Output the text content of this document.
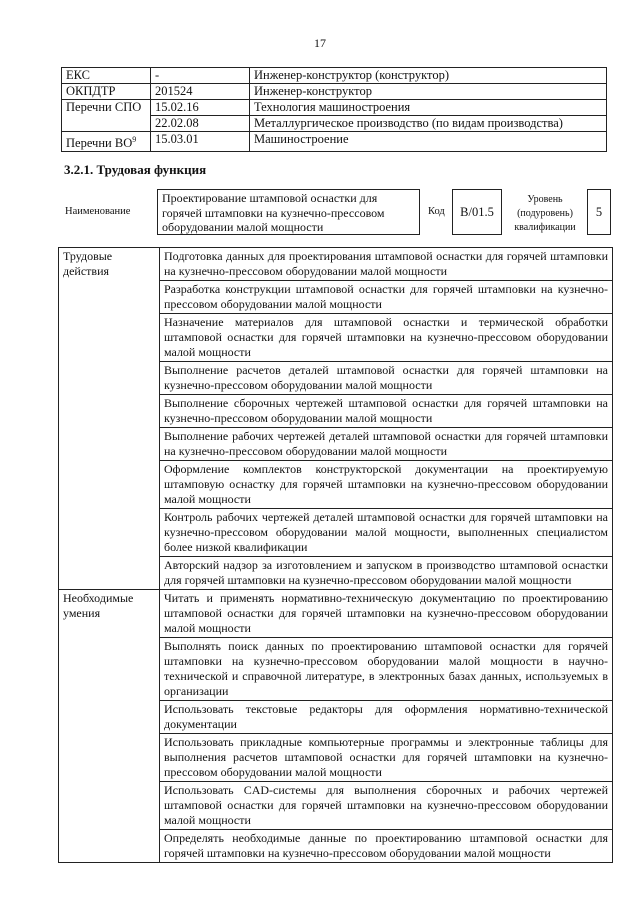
17
ЕКС	-	Инженер-конструктор (конструктор)
ОКПДТР	201524	Инженер-конструктор
Перечни СПО	15.02.16	Технология машиностроения
	22.02.08	Металлургическое производство (по видам производства)
Перечни $ВО^9$	15.03.01	Машиностроение
3.2.1. Трудовая функция
Наименование
Проектирование штамповой оснастки для горячей штамповки на кузнечно-прессовом оборудовании малой мощности
Код	B/01.5
Уровень (подуровень) квалификации
5
Трудовые действия	Подготовка данных для проектирования штамповой оснастки для горячей штамповки на кузнечно-прессовом оборудовании малой мощности
	Разработка конструкции штамповой оснастки для горячей штамповки на кузнечно-прессовом оборудовании малой мощности
	Назначение материалов для штамповой оснастки и термической обработки штамповой оснастки для горячей штамповки на кузнечно-прессовом оборудовании малой мощности
	Выполнение расчетов деталей штамповой оснастки для горячей штамповки на кузнечно-прессовом оборудовании малой мощности
	Выполнение сборочных чертежей штамповой оснастки для горячей штамповки на кузнечно-прессовом оборудовании малой мощности
	Выполнение рабочих чертежей деталей штамповой оснастки для горячей штамповки на кузнечно-прессовом оборудовании малой мощности
	Оформление комплектов конструкторской документации на проектируемую штамповую оснастку для горячей штамповки на кузнечно-прессовом оборудовании малой мощности
	Контроль рабочих чертежей деталей штамповой оснастки для горячей штамповки на кузнечно-прессовом оборудовании малой мощности, выполненных специалистом более низкой квалификации
	Авторский надзор за изготовлением и запуском в производство штамповой оснастки для горячей штамповки на кузнечно-прессовом оборудовании малой мощности
Необходимые умения	Читать и применять нормативно-техническую документацию по проектированию штамповой оснастки для горячей штамповки на кузнечно-прессовом оборудовании малой мощности
	Выполнять поиск данных по проектированию штамповой оснастки для горячей штамповки на кузнечно-прессовом оборудовании малой мощности в научно-технической и справочной литературе, в электронных базах данных, используемых в организации
	Использовать текстовые редакторы для оформления нормативно-технической документации
	Использовать прикладные компьютерные программы и электронные таблицы для выполнения расчетов штамповой оснастки для горячей штамповки на кузнечно-прессовом оборудовании малой мощности
	Использовать CAD-системы для выполнения сборочных и рабочих чертежей штамповой оснастки для горячей штамповки на кузнечно-прессовом оборудовании малой мощности
	Определять необходимые данные по проектированию штамповой оснастки для горячей штамповки на кузнечно-прессовом оборудовании малой мощности
